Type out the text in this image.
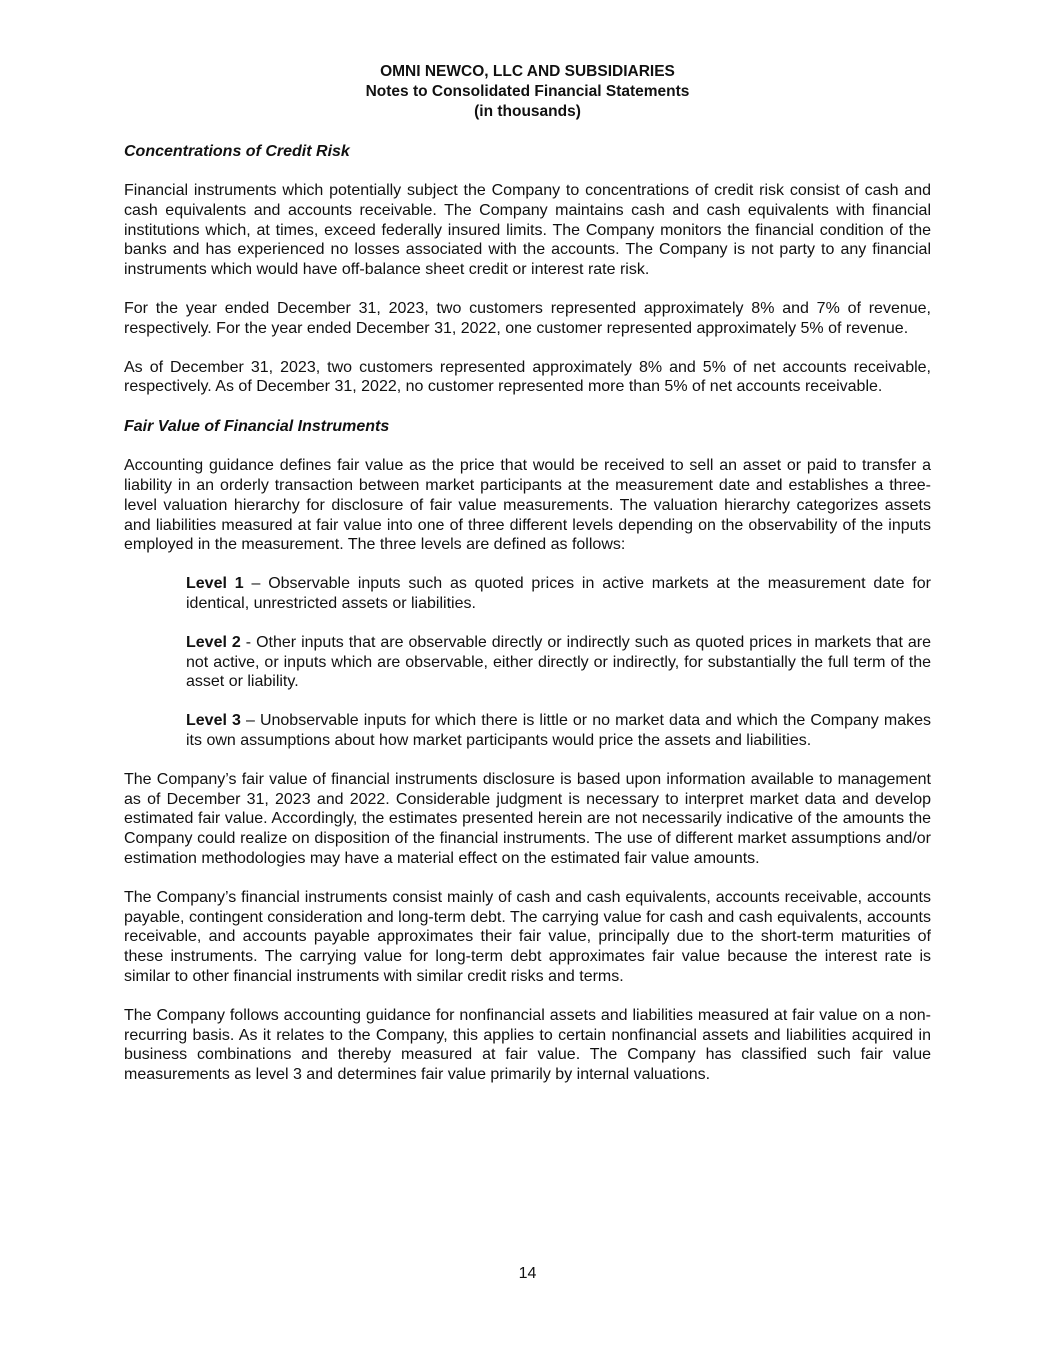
OMNI NEWCO, LLC AND SUBSIDIARIES
Notes to Consolidated Financial Statements
(in thousands)
Concentrations of Credit Risk

Financial instruments which potentially subject the Company to concentrations of credit risk consist of cash and cash equivalents and accounts receivable. The Company maintains cash and cash equivalents with financial institutions which, at times, exceed federally insured limits. The Company monitors the financial condition of the banks and has experienced no losses associated with the accounts. The Company is not party to any financial instruments which would have off-balance sheet credit or interest rate risk.

For the year ended December 31, 2023, two customers represented approximately 8% and 7% of revenue, respectively. For the year ended December 31, 2022, one customer represented approximately 5% of revenue.

As of December 31, 2023, two customers represented approximately 8% and 5% of net accounts receivable, respectively. As of December 31, 2022, no customer represented more than 5% of net accounts receivable.

Fair Value of Financial Instruments

Accounting guidance defines fair value as the price that would be received to sell an asset or paid to transfer a liability in an orderly transaction between market participants at the measurement date and establishes a three-level valuation hierarchy for disclosure of fair value measurements. The valuation hierarchy categorizes assets and liabilities measured at fair value into one of three different levels depending on the observability of the inputs employed in the measurement. The three levels are defined as follows:

Level 1 – Observable inputs such as quoted prices in active markets at the measurement date for identical, unrestricted assets or liabilities.

Level 2 - Other inputs that are observable directly or indirectly such as quoted prices in markets that are not active, or inputs which are observable, either directly or indirectly, for substantially the full term of the asset or liability.

Level 3 – Unobservable inputs for which there is little or no market data and which the Company makes its own assumptions about how market participants would price the assets and liabilities.

The Company’s fair value of financial instruments disclosure is based upon information available to management as of December 31, 2023 and 2022. Considerable judgment is necessary to interpret market data and develop estimated fair value. Accordingly, the estimates presented herein are not necessarily indicative of the amounts the Company could realize on disposition of the financial instruments. The use of different market assumptions and/or estimation methodologies may have a material effect on the estimated fair value amounts.

The Company’s financial instruments consist mainly of cash and cash equivalents, accounts receivable, accounts payable, contingent consideration and long-term debt. The carrying value for cash and cash equivalents, accounts receivable, and accounts payable approximates their fair value, principally due to the short-term maturities of these instruments. The carrying value for long-term debt approximates fair value because the interest rate is similar to other financial instruments with similar credit risks and terms.

The Company follows accounting guidance for nonfinancial assets and liabilities measured at fair value on a non-recurring basis. As it relates to the Company, this applies to certain nonfinancial assets and liabilities acquired in business combinations and thereby measured at fair value. The Company has classified such fair value measurements as level 3 and determines fair value primarily by internal valuations.

14
